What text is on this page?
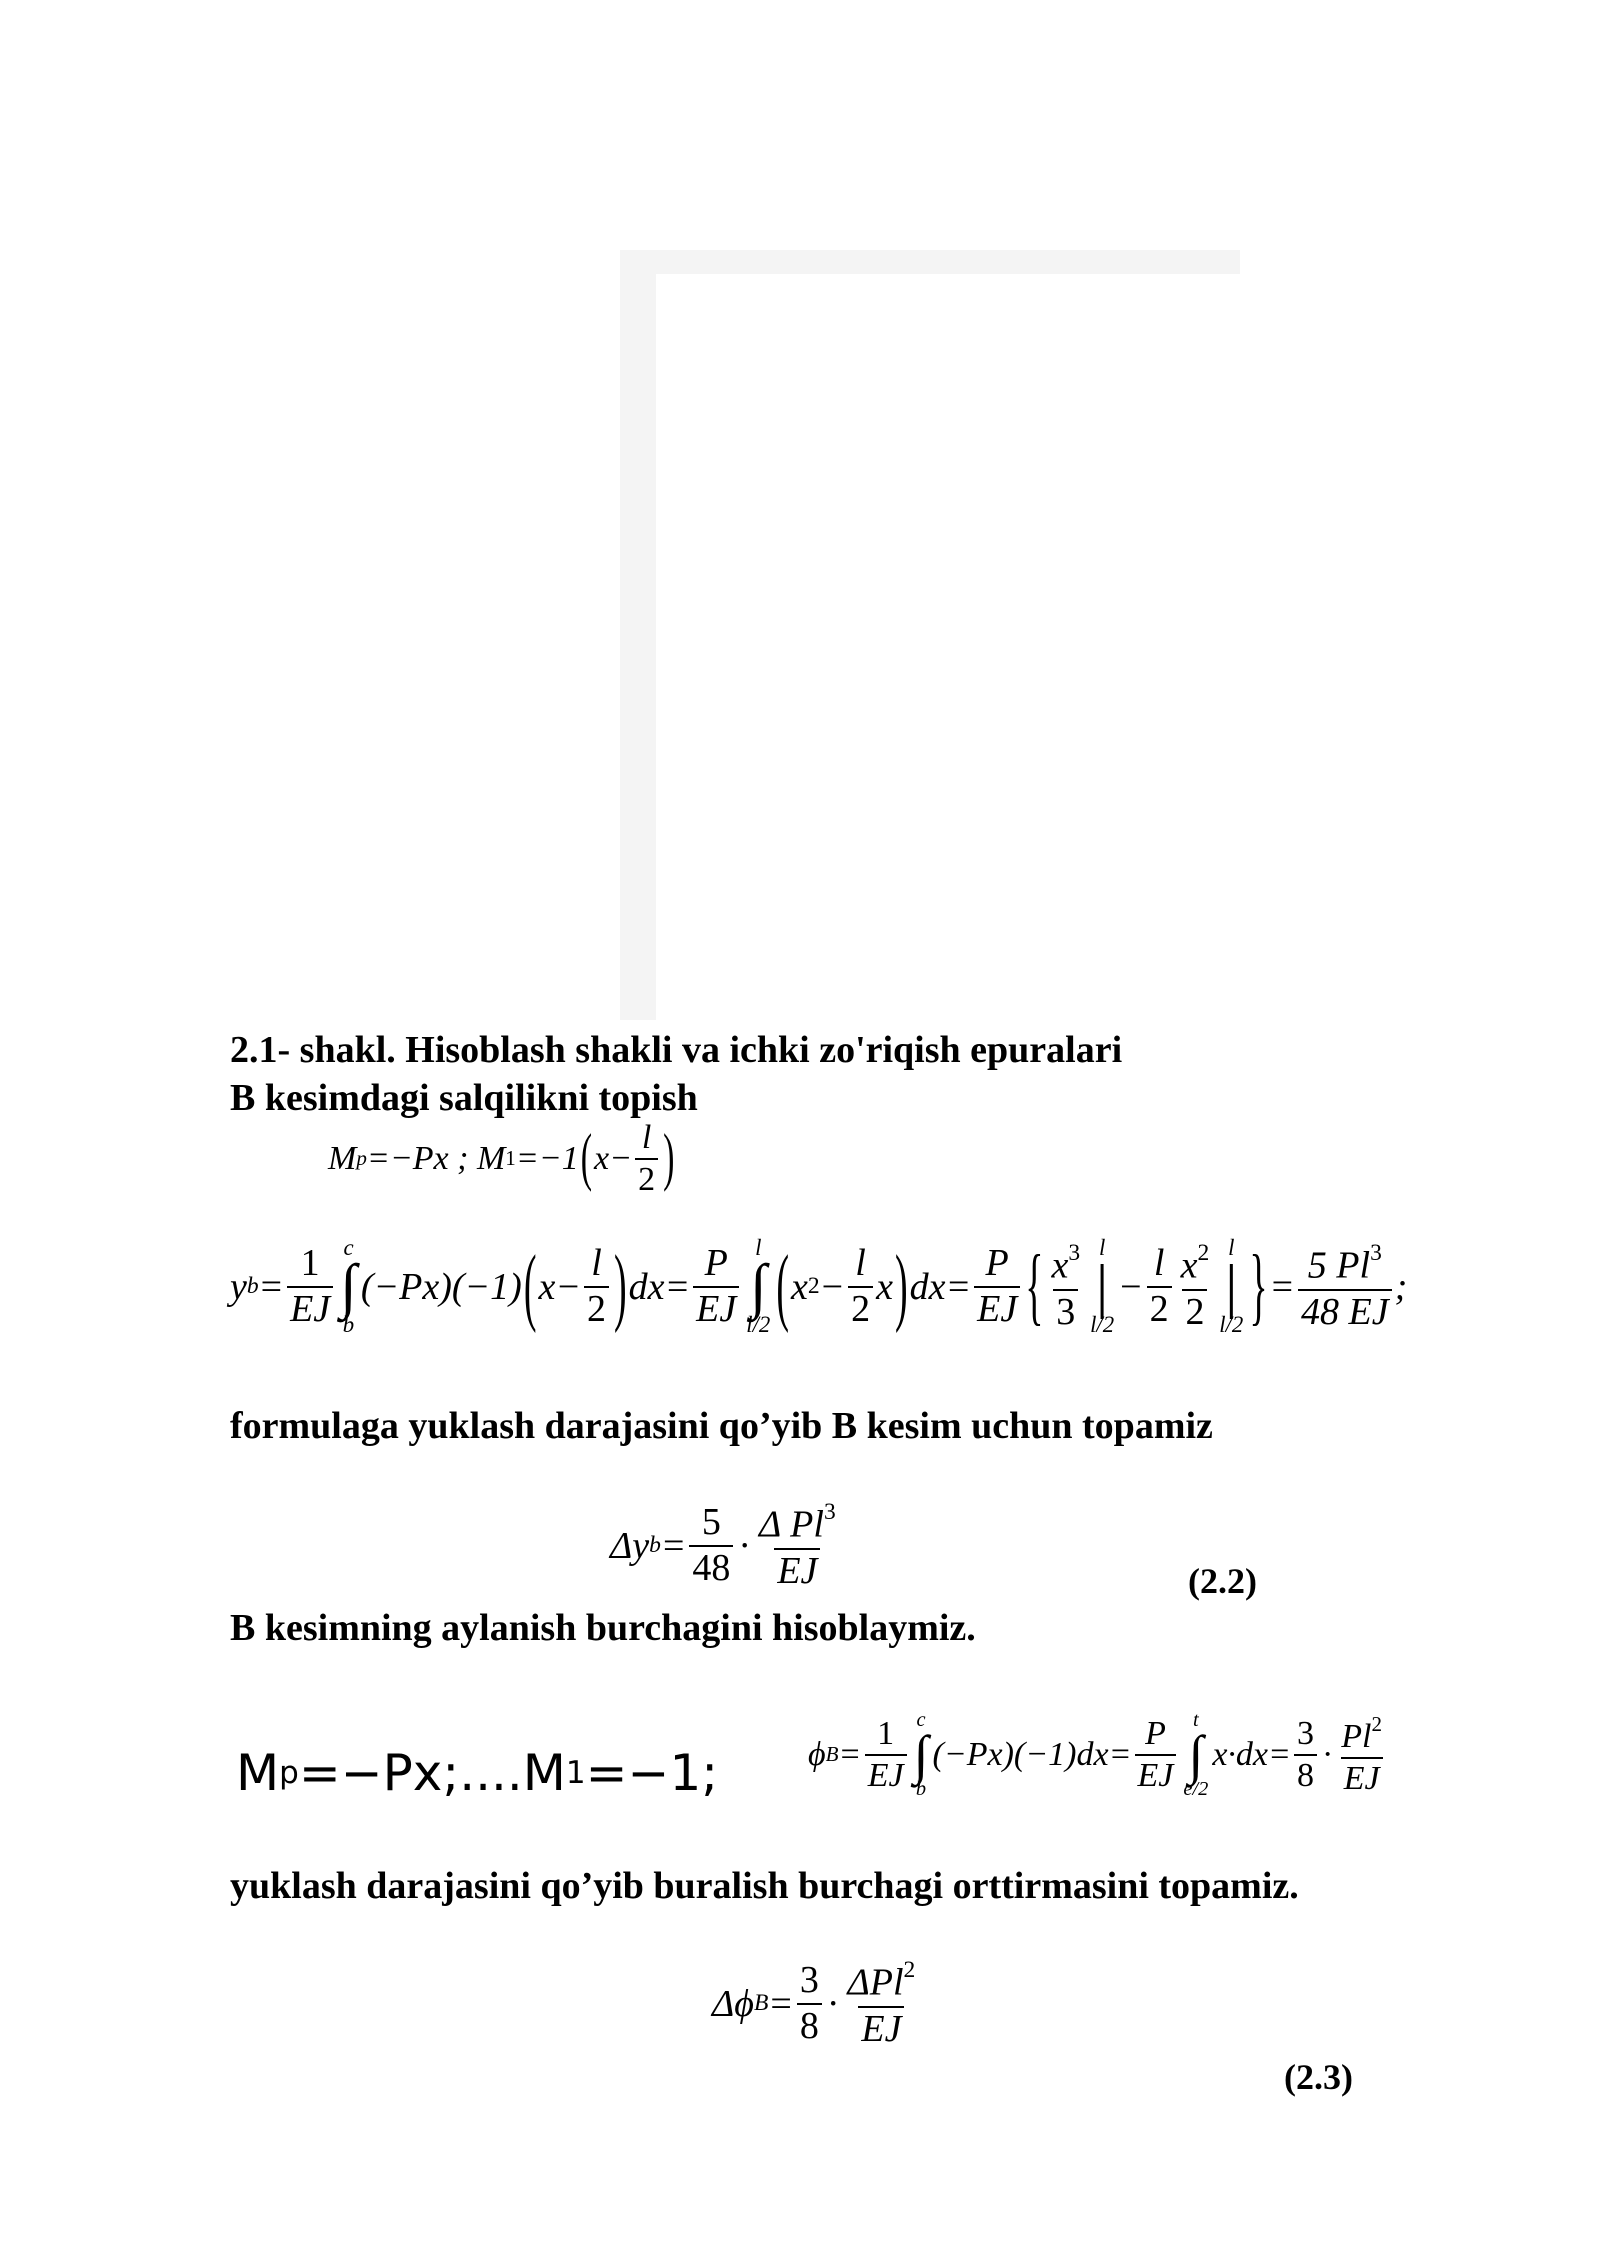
2.1- shakl. Hisoblash shakli va ichki zo'riqish epuralari
B kesimdagi salqilikni topish
M p =−Px ; M 1 =−1 ( $x- \frac{l}{2}$ )
y $b = \frac{1}{EJ}$ c
∫
b
(−Px)(−1) ( $x- \frac{l}{2}$ ) $dx= \frac{P}{EJ}$ l
∫
l/2 ( x $2 - \frac{l}{2}$ x ) $dx= \frac{P}{EJ}$ { $\frac{x^3}{3}$ l
|
l/2
− $\frac{l}{2} \frac{x^2}{2}$ l
|
l/2 } = $\frac{5 Pl^3}{48 EJ}$ ;
formulaga yuklash darajasini qo’yib B kesim uchun topamiz
Δy $b = \frac{5}{48} \cdot \frac{\Delta Pl^3}{EJ}$	(2.2)
B kesimning aylanish burchagini hisoblaymiz.
M p =−Px;....M 1 =−1;	ϕ $B = \frac{1}{EJ}$ c
∫
b
$(-Px)(-1)dx= \frac{P}{EJ}$ t
∫
e/2
$x\cdot dx= \frac{3}{8} \cdot \frac{Pl^2}{EJ}$
yuklash darajasini qo’yib buralish burchagi orttirmasini topamiz.
Δϕ $B = \frac{3}{8} \cdot \frac{\Delta Pl^2}{EJ}$
(2.3)
